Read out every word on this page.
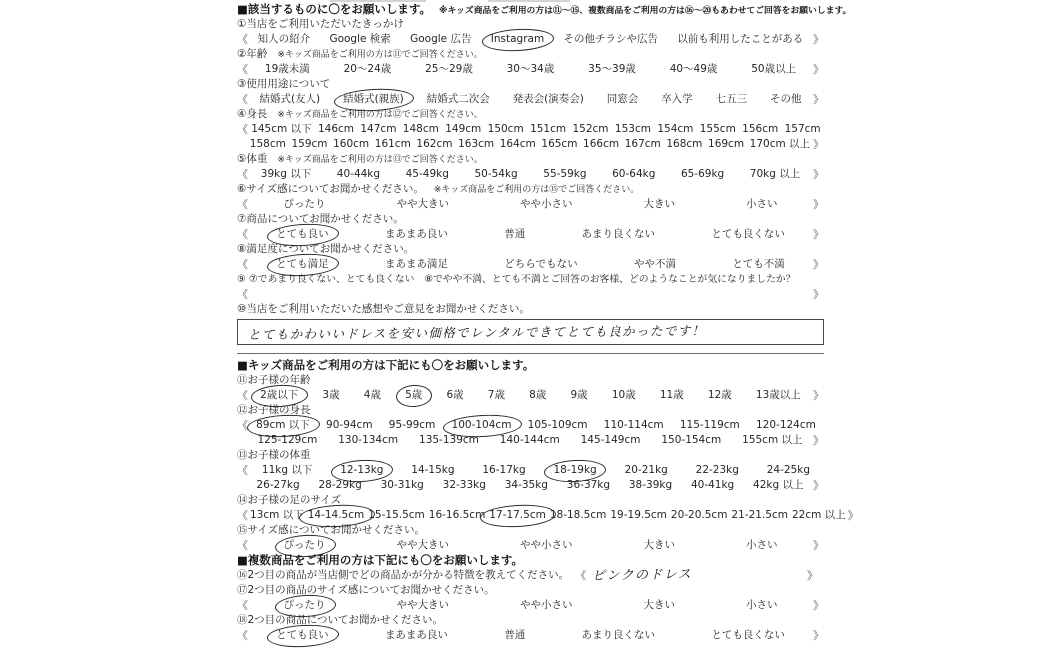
■該当するものに〇をお願いします。 ※キッズ商品をご利用の方は⑪〜⑮、複数商品をご利用の方は⑯〜⑳もあわせてご回答をお願いします。
①当店をご利用いただいたきっかけ
《 知人の紹介 Google 検索 Google 広告 Instagram その他チラシや広告 以前も利用したことがある 》
②年齢 ※キッズ商品をご利用の方は⑪でご回答ください。
《 19歳未満	20〜24歳	25〜29歳	30〜34歳	35〜39歳	40〜49歳	50歳以上 》
③使用用途について
《 結婚式(友人) 結婚式(親族) 結婚式二次会 発表会(演奏会) 同窓会 卒入学 七五三 その他 》
④身長 ※キッズ商品をご利用の方は⑫でご回答ください。
《 145cm 以下 146cm 147cm 148cm 149cm 150cm 151cm 152cm 153cm 154cm 155cm 156cm 157cm
158cm 159cm 160cm 161cm 162cm 163cm 164cm 165cm 166cm 167cm 168cm 169cm 170cm 以上 》
⑤体重 ※キッズ商品をご利用の方は⑬でご回答ください。
《 39kg 以下 40-44kg 45-49kg 50-54kg 55-59kg 60-64kg 65-69kg 70kg 以上 》
⑥サイズ感についてお聞かせください。 ※キッズ商品をご利用の方は⑮でご回答ください。
《	ぴったり	やや大きい	やや小さい	大きい	小さい	》
⑦商品についてお聞かせください。
《	とても良い	まあまあ良い	普通	あまり良くない	とても良くない	》
⑧満足度についてお聞かせください。
《	とても満足	まあまあ満足	どちらでもない	やや不満	とても不満	》
⑨ ⑦であまり良くない、とても良くない　⑧でやや不満、とても不満とご回答のお客様、どのようなことが気になりましたか？
《	》
⑩当店をご利用いただいた感想やご意見をお聞かせください。
とてもかわいいドレスを安い価格でレンタルできてとても良かったです！
■キッズ商品をご利用の方は下記にも〇をお願いします。
⑪お子様の年齢
《 2歳以下 3歳 4歳 5歳 6歳 7歳 8歳 9歳 10歳 11歳 12歳 13歳以上 》
⑫お子様の身長
《 89cm 以下 90-94cm 95-99cm 100-104cm 105-109cm 110-114cm 115-119cm 120-124cm
125-129cm 130-134cm 135-139cm 140-144cm 145-149cm 150-154cm 155cm 以上 》
⑬お子様の体重
《 11kg 以下	12-13kg	14-15kg	16-17kg	18-19kg	20-21kg	22-23kg	24-25kg
26-27kg 28-29kg 30-31kg 32-33kg 34-35kg 36-37kg 38-39kg 40-41kg 42kg 以上 》
⑭お子様の足のサイズ
《 13cm 以下 14-14.5cm 15-15.5cm 16-16.5cm 17-17.5cm 18-18.5cm 19-19.5cm 20-20.5cm 21-21.5cm 22cm 以上 》
⑮サイズ感についてお聞かせください。
《	ぴったり	やや大きい	やや小さい	大きい	小さい	》
■複数商品をご利用の方は下記にも〇をお願いします。
⑯2つ目の商品が当店側でどの商品かが分かる特徴を教えてください。 《 ピンクのドレス	》
⑰2つ目の商品のサイズ感についてお聞かせください。
《	ぴったり	やや大きい	やや小さい	大きい	小さい	》
⑱2つ目の商品についてお聞かせください。
《	とても良い	まあまあ良い	普通	あまり良くない	とても良くない	》
